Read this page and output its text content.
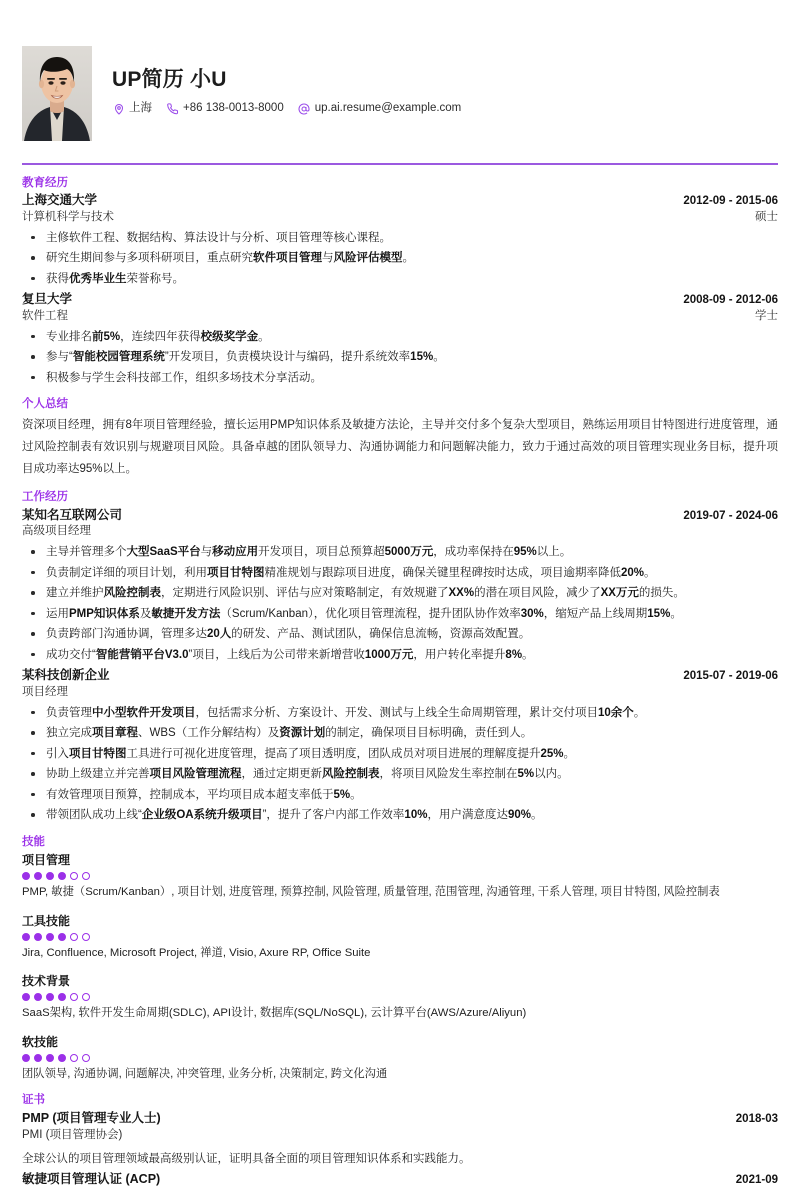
UP简历 小U
上海	+86 138-0013-8000	up.ai.resume@example.com
教育经历
上海交通大学	2012-09 - 2015-06
计算机科学与技术	硕士
主修软件工程、数据结构、算法设计与分析、项目管理等核心课程。
研究生期间参与多项科研项目，重点研究软件项目管理与风险评估模型。
获得优秀毕业生荣誉称号。
复旦大学	2008-09 - 2012-06
软件工程	学士
专业排名前5%，连续四年获得校级奖学金。
参与“智能校园管理系统”开发项目，负责模块设计与编码，提升系统效率15%。
积极参与学生会科技部工作，组织多场技术分享活动。
个人总结
资深项目经理，拥有8年项目管理经验，擅长运用PMP知识体系及敏捷方法论，主导并交付多个复杂大型项目，熟练运用项目甘特图进行进度管理，通过风险控制表有效识别与规避项目风险。具备卓越的团队领导力、沟通协调能力和问题解决能力，致力于通过高效的项目管理实现业务目标，提升项目成功率达95%以上。
工作经历
某知名互联网公司	2019-07 - 2024-06
高级项目经理
主导并管理多个大型SaaS平台与移动应用开发项目，项目总预算超5000万元，成功率保持在95%以上。
负责制定详细的项目计划，利用项目甘特图精准规划与跟踪项目进度，确保关键里程碑按时达成，项目逾期率降低20%。
建立并维护风险控制表，定期进行风险识别、评估与应对策略制定，有效规避了XX%的潜在项目风险，减少了XX万元的损失。
运用PMP知识体系及敏捷开发方法（Scrum/Kanban），优化项目管理流程，提升团队协作效率30%，缩短产品上线周期15%。
负责跨部门沟通协调，管理多达20人的研发、产品、测试团队，确保信息流畅，资源高效配置。
成功交付“智能营销平台V3.0”项目，上线后为公司带来新增营收1000万元，用户转化率提升8%。
某科技创新企业	2015-07 - 2019-06
项目经理
负责管理中小型软件开发项目，包括需求分析、方案设计、开发、测试与上线全生命周期管理，累计交付项目10余个。
独立完成项目章程、WBS（工作分解结构）及资源计划的制定，确保项目目标明确，责任到人。
引入项目甘特图工具进行可视化进度管理，提高了项目透明度，团队成员对项目进展的理解度提升25%。
协助上级建立并完善项目风险管理流程，通过定期更新风险控制表，将项目风险发生率控制在5%以内。
有效管理项目预算，控制成本，平均项目成本超支率低于5%。
带领团队成功上线“企业级OA系统升级项目”，提升了客户内部工作效率10%，用户满意度达90%。
技能
项目管理
PMP, 敏捷（Scrum/Kanban）, 项目计划, 进度管理, 预算控制, 风险管理, 质量管理, 范围管理, 沟通管理, 干系人管理, 项目甘特图, 风险控制表
工具技能
Jira, Confluence, Microsoft Project, 禅道, Visio, Axure RP, Office Suite
技术背景
SaaS架构, 软件开发生命周期(SDLC), API设计, 数据库(SQL/NoSQL), 云计算平台(AWS/Azure/Aliyun)
软技能
团队领导, 沟通协调, 问题解决, 冲突管理, 业务分析, 决策制定, 跨文化沟通
证书
PMP (项目管理专业人士)	2018-03
PMI (项目管理协会)
全球公认的项目管理领域最高级别认证，证明具备全面的项目管理知识体系和实践能力。
敏捷项目管理认证 (ACP)	2021-09
